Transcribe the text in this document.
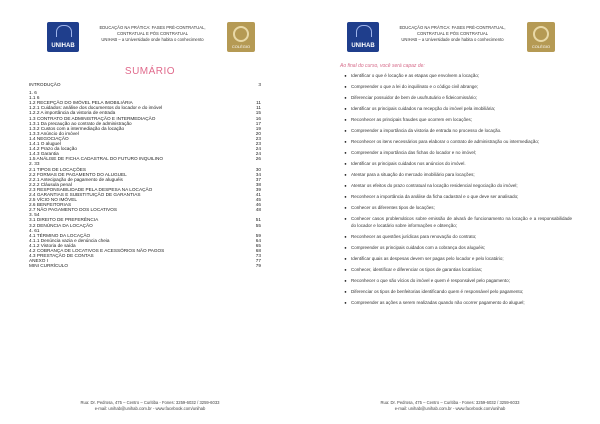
UNIHAB
EDUCAÇÃO NA PRÁTICA: FASES PRÉ-CONTRATUAL,
CONTRATUAL E PÓS CONTRATUAL
UNIHAB – a Universidade onde habita o conhecimento
COLÉGIO
SUMÁRIO
INTRODUÇÃO	3
1. 6
1.1 6
1.2 RECEPÇÃO DO IMÓVEL PELA IMOBILIÁRIA	11
1.2.1 Cuidados: análise dos documentos do locador e do imóvel	11
1.2.2 A importância da vistoria de entrada	15
1.3 CONTRATO DE ADMINISTRAÇÃO E INTERMEDIAÇÃO	16
1.3.1 Da precaução ao contrato de administração	17
1.3.2 Custos com a intermediação da locação	19
1.3.3 Anúncio do imóvel	20
1.4 NEGOCIAÇÃO	23
1.4.1 O aluguel	23
1.4.2 Prazo da locação	24
1.4.3 Garantia	24
1.5 ANÁLISE DE FICHA CADASTRAL DO FUTURO INQUILINO	26
2. 33
2.1 TIPOS DE LOCAÇÕES	30
2.2 FORMAS DE PAGAMENTO DO ALUGUEL	34
2.2.1 Antecipação de pagamento de aluguéis	37
2.2.2 Cláusula penal	38
2.3 RESPONSABILIDADE PELA DESPESA NA LOCAÇÃO	39
2.4 GARANTIAS E SUBSTITUIÇÃO DE GARANTIAS	41
2.5 VÍCIO NO IMÓVEL	45
2.6 BENFEITORIAS	46
2.7 NÃO PAGAMENTO DOS LOCATIVOS	48
3. 54
3.1 DIREITO DE PREFERÊNCIA	51
3.2 DENÚNCIA DA LOCAÇÃO	55
4. 61
4.1 TÉRMINO DA LOCAÇÃO	59
4.1.1 Denúncia vazia e denúncia cheia	64
4.1.2 Vistoria de saída	65
4.2 COBRANÇA DE LOCATIVOS E ACESSÓRIOS NÃO PAGOS	68
4.3 PRESTAÇÃO DE CONTAS	73
ANEXO I	77
MINI CURRÍCULO	79
Rua: Dr. Pedrosa, 475 – Centro – Curitiba - Fones: 3259-6032 / 3259-6033
e-mail: unihab@unihab.com.br - www.facebook.com/unihab
UNIHAB
EDUCAÇÃO NA PRÁTICA: FASES PRÉ-CONTRATUAL,
CONTRATUAL E PÓS CONTRATUAL
UNIHAB – a Universidade onde habita o conhecimento
COLÉGIO
Ao final do curso, você será capaz de:
● Identificar o que é locação e as etapas que envolvem a locação;
● Compreender o que a lei do inquilinato e o código civil abrange;
● Diferenciar possuidor de bem de usufrutuário e fideicomissário;
● Identificar os principais cuidados na recepção do imóvel pela imobiliária;
● Reconhecer as principais fraudes que ocorrem em locações;
● Compreender a importância da vistoria de entrada no processo de locação.
● Reconhecer os itens necessários para elaborar o contrato de administração ou intermediação;
● Compreender a importância das fichas do locador e no imóvel;
● Identificar os principais cuidados nos anúncios do imóvel.
● Atentar para a situação do mercado imobiliário para locações;
● Atentar os efeitos do prazo contratual na locação residencial negociação do imóvel;
● Reconhecer a importância da análise da ficha cadastral e o que deve ser analisado;
● Conhecer os diferentes tipos de locações;
● Conhecer casos problemáticos sobre emissão de alvará de funcionamento na locação e a responsabilidade do locador e locatário sobre informações e obtenção;
● Reconhecer as questões jurídicas para renovação do contrato;
● Compreender os principais cuidados com a cobrança dos aluguéis;
● Identificar quais as despesas devem ser pagas pelo locador e pelo locatário;
● Conhecer, identificar e diferenciar os tipos de garantias locatícias;
● Reconhecer o que são vícios do imóvel e quem é responsável pelo pagamento;
● Diferenciar os tipos de benfeitorias identificando quem é responsável pelo pagamento;
● Compreender as ações a serem realizadas quando não ocorrer pagamento do aluguel;
Rua: Dr. Pedrosa, 475 – Centro – Curitiba - Fones: 3259-6032 / 3259-6033
e-mail: unihab@unihab.com.br - www.facebook.com/unihab
